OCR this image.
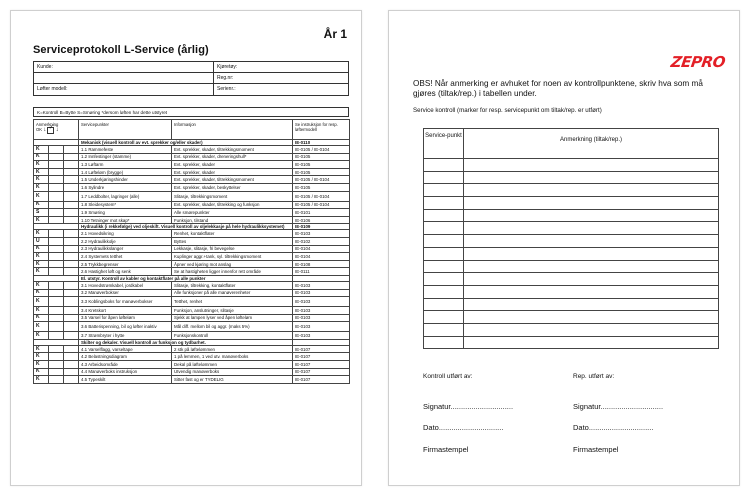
År 1
Serviceprotokoll L-Service (årlig)
Kunde:	Kjøretøy:
Reg.nr:
Løfter modell:	Serienr.:
K=Kontroll B=Bytte S=Smøring *dersom løften har dette utstyret
Anmerkning
OK ↓ ✓ ↓			Servicepunkter	Informasjon	Se instruksjon for resp. løftermodell
			Mekanisk (visuell kontroll av evt. sprekker og/eller skader)		IE-0110
K			1.1 Rammefeste	Evt. sprekker, skader, tiltrekkingsmoment	IE-0105 / IE-0104
K			1.2 Innfestinger (stamme)	Evt. sprekker, skader, dreneringshull*	IE-0105
K			1.3 Løftarm	Evt. sprekker, skader	IE-0105
K			1.4 Løfteløm (brygge)	Evt. sprekker, skader	IE-0105
K			1.5 Underkjøringshinder	Evt. sprekker, skader, tiltrekkingsmoment	IE-0105 / IE-0104
K			1.6 Sylindre	Evt. sprekker, skader, beskyttelser	IE-0105
K			1.7 Leddbolter, lagringer (alle)	Slitasje, tiltrekkingsmoment	IE-0105 / IE-0104
K			1.8 Sleidesystem*	Evt. sprekker, skader, tiltrekking og funksjon	IE-0105 / IE-0104
S			1.9 Smøring	Alle smørepunkter	IE-0101
K			1.10 Tetninger mot skap*	Funksjon, tilstand	IE-0106
			Hydraulikk (i rekkefølge) ved oljeskift. Visuell kontroll av oljelekkasje på hele hydraulikksystemet)		IE-0109
K			2.1 Hovedsikring	Renhet, kontaktflater	IE-0103
U			2.2 Hydraulikkolje	Byttes	IE-0102
K			2.3 Hydraulikkslanger	Lekkasje, slitasje, fri bevegelse	IE-0104
K			2.4 Systemets tetthet	Kuplinger aggr.+tank, syl. tiltrekkingsmoment	IE-0104
K			2.5 Trykkbegrenser	Åpner ved kjøring mot anslag	IE-0108
K			2.6 Hastighet løft og senk	Se at hastigheten ligger innenfor rett område	IE-0111
			El. utstyr. Kontroll av kabler og kontaktflater på alle punkter		
K			3.1 Hovedstrømkabel, jordkabel	Slitasje, tiltrekking, kontaktflater	IE-0103
K			3.2 Manøverbokser	Alle funksjoner på alle manøverenheter	IE-0103
K			3.3 Koblingsboks for manøverbokser	Tetthet, renhet	IE-0103
K			3.4 Kretskort	Funksjon, anslutninger, slitasje	IE-0103
K			3.5 Varsel for åpen løfteløm	Sjekk at lampen lyser ved åpen løfteløm	IE-0103
K			3.6 Batterispenning, bil og løfter inaktiv	Mål diff. mellom bil og aggr. (maks 5%)	IE-0103
K			3.7 Strømbryter i hytte	Funksjonskontroll	IE-0103
			Skilter og dekaler. Visuell kontroll av funksjon og tydbarhet.		
K			4.1 Varselflagg, varseltape	2 stk på løftelømmen	IE-0107
K			4.2 Belastningsdiagram	1 på lemmen, 1 ved utv. manøverboks	IE-0107
K			4.3 Arbeidsområde	Dekal på løftelømmen	IE-0107
K			4.4 Manøverboks instruksjon	Utvendig manøverboks	IE-0107
K			4.5 Typeskilt	Sitter fast og er TYDELIG	IE-0107
ZEPRO
OBS! Når anmerking er avhuket for noen av kontrollpunktene, skriv hva som må gjøres (tiltak/rep.) i tabellen under.
Service kontroll (marker for resp. servicepunkt om tiltak/rep. er utført)
Service-punkt	Anmerkning (tiltak/rep.)

Kontroll utført av:	Rep. utført av:
Signatur..............................	Signatur..............................
Dato...............................	Dato...............................
Firmastempel	Firmastempel
